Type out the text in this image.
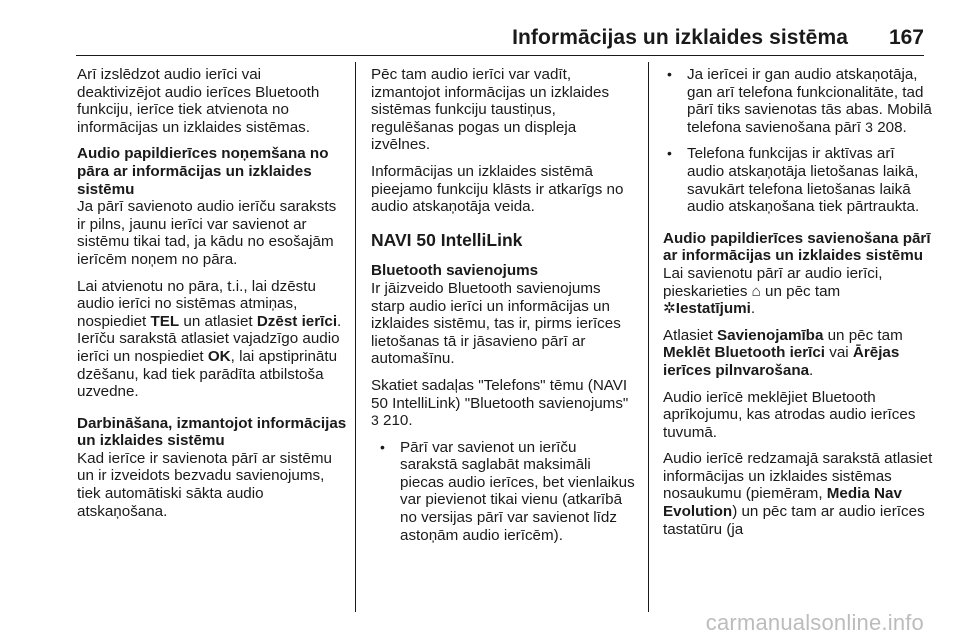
Informācijas un izklaides sistēma 167

Arī izslēdzot audio ierīci vai deaktivizējot audio ierīces Bluetooth funkciju, ierīce tiek atvienota no informācijas un izklaides sistēmas.

Audio papildierīces noņemšana no pāra ar informācijas un izklaides sistēmu

Ja pārī savienoto audio ierīču saraksts ir pilns, jaunu ierīci var savienot ar sistēmu tikai tad, ja kādu no esošajām ierīcēm noņem no pāra.

Lai atvienotu no pāra, t.i., lai dzēstu audio ierīci no sistēmas atmiņas, nospiediet TEL un atlasiet Dzēst ierīci. Ierīču sarakstā atlasiet vajadzīgo audio ierīci un nospiediet OK, lai apstiprinātu dzēšanu, kad tiek parādīta atbilstoša uzvedne.

Darbināšana, izmantojot informācijas un izklaides sistēmu

Kad ierīce ir savienota pārī ar sistēmu un ir izveidots bezvadu savienojums, tiek automātiski sākta audio atskaņošana.

Pēc tam audio ierīci var vadīt, izmantojot informācijas un izklaides sistēmas funkciju taustiņus, regulēšanas pogas un displeja izvēlnes.

Informācijas un izklaides sistēmā pieejamo funkciju klāsts ir atkarīgs no audio atskaņotāja veida.

NAVI 50 IntelliLink

Bluetooth savienojums

Ir jāizveido Bluetooth savienojums starp audio ierīci un informācijas un izklaides sistēmu, tas ir, pirms ierīces lietošanas tā ir jāsavieno pārī ar automašīnu.

Skatiet sadaļas "Telefons" tēmu (NAVI 50 IntelliLink) "Bluetooth savienojums" 3 210.

• Pārī var savienot un ierīču sarakstā saglabāt maksimāli piecas audio ierīces, bet vienlaikus var pievienot tikai vienu (atkarībā no versijas pārī var savienot līdz astoņām audio ierīcēm).
• Ja ierīcei ir gan audio atskaņotāja, gan arī telefona funkcionalitāte, tad pārī tiks savienotas tās abas. Mobilā telefona savienošana pārī 3 208.
• Telefona funkcijas ir aktīvas arī audio atskaņotāja lietošanas laikā, savukārt telefona lietošanas laikā audio atskaņošana tiek pārtraukta.

Audio papildierīces savienošana pārī ar informācijas un izklaides sistēmu

Lai savienotu pārī ar audio ierīci, pieskarieties ⌂ un pēc tam ✲Iestatījumi.

Atlasiet Savienojamība un pēc tam Meklēt Bluetooth ierīci vai Ārējas ierīces pilnvarošana.

Audio ierīcē meklējiet Bluetooth aprīkojumu, kas atrodas audio ierīces tuvumā.

Audio ierīcē redzamajā sarakstā atlasiet informācijas un izklaides sistēmas nosaukumu (piemēram, Media Nav Evolution) un pēc tam ar audio ierīces tastatūru (ja

carmanualsonline.info
